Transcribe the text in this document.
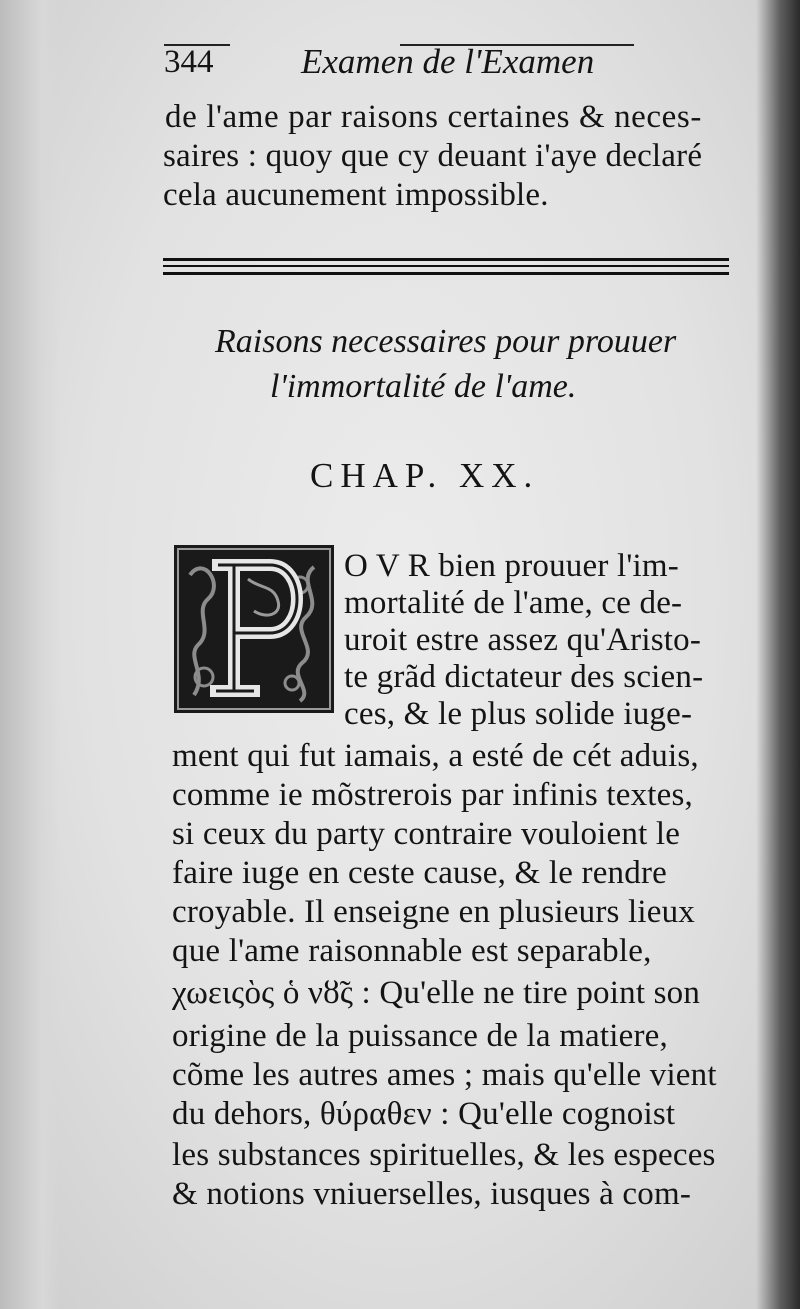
344	Examen de l'Examen
de l'ame par raisons certaines & neces-
saires : quoy que cy deuant i'aye declaré
cela aucunement impossible.
Raisons necessaires pour prouuer
l'immortalité de l'ame.
CHAP. XX.
O V R bien prouuer l'im-
mortalité de l'ame, ce de-
uroit estre assez qu'Aristo-
te grãd dictateur des scien-
ces, & le plus solide iuge-
ment qui fut iamais, a esté de cét aduis,
comme ie mõstrerois par infinis textes,
si ceux du party contraire vouloient le
faire iuge en ceste cause, & le rendre
croyable. Il enseigne en plusieurs lieux
que l'ame raisonnable est separable,
χωειςὸς ὁ νȣ̃ς : Qu'elle ne tire point son
origine de la puissance de la matiere,
cõme les autres ames ; mais qu'elle vient
du dehors, θύραθεν : Qu'elle cognoist
les substances spirituelles, & les especes
& notions vniuerselles, iusques à com-
